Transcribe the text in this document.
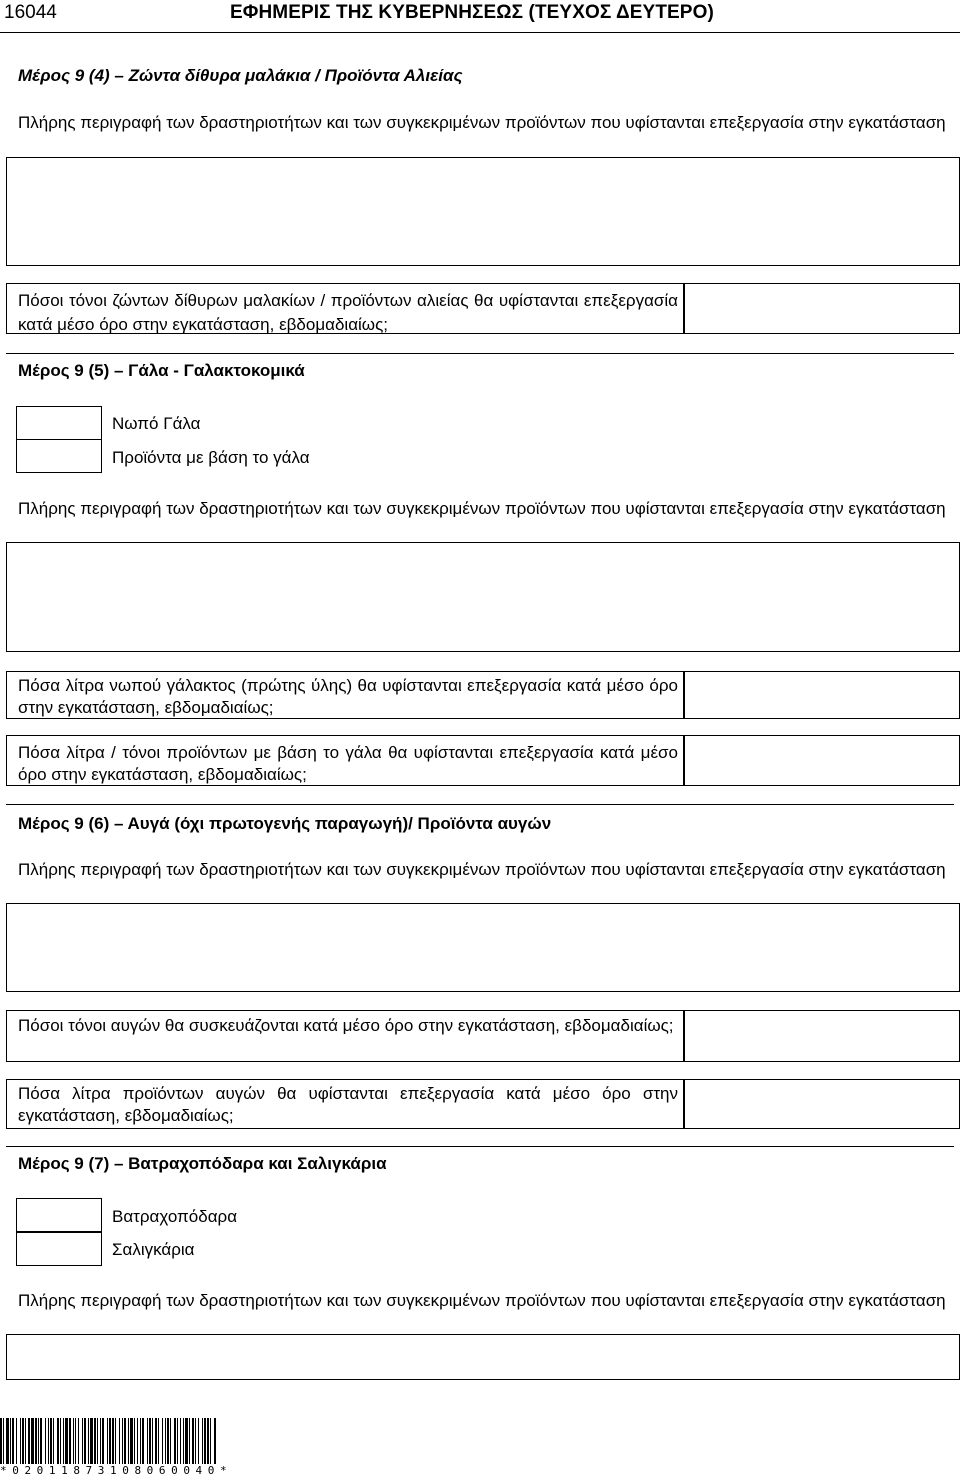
16044	ΕΦΗΜΕΡΙΣ ΤΗΣ ΚΥΒΕΡΝΗΣΕΩΣ (ΤΕΥΧΟΣ ΔΕΥΤΕΡΟ)
Μέρος 9 (4) – Ζώντα δίθυρα μαλάκια / Προϊόντα Αλιείας
Πλήρης περιγραφή των δραστηριοτήτων και των συγκεκριμένων προϊόντων που υφίστανται επεξεργασία στην εγκατάσταση
Πόσοι τόνοι ζώντων δίθυρων μαλακίων / προϊόντων αλιείας θα υφίστανται επεξεργασία κατά μέσο όρο στην εγκατάσταση, εβδομαδιαίως;
Μέρος 9 (5) – Γάλα - Γαλακτοκομικά
Νωπό Γάλα
Προϊόντα με βάση το γάλα
Πλήρης περιγραφή των δραστηριοτήτων και των συγκεκριμένων προϊόντων που υφίστανται επεξεργασία στην εγκατάσταση
Πόσα λίτρα νωπού γάλακτος (πρώτης ύλης) θα υφίστανται επεξεργασία κατά μέσο όρο στην εγκατάσταση, εβδομαδιαίως;
Πόσα λίτρα / τόνοι προϊόντων με βάση το γάλα θα υφίστανται επεξεργασία κατά μέσο όρο στην εγκατάσταση, εβδομαδιαίως;
Μέρος 9 (6) – Αυγά (όχι πρωτογενής παραγωγή)/ Προϊόντα αυγών
Πλήρης περιγραφή των δραστηριοτήτων και των συγκεκριμένων προϊόντων που υφίστανται επεξεργασία στην εγκατάσταση
Πόσοι τόνοι αυγών θα συσκευάζονται κατά μέσο όρο στην εγκατάσταση, εβδομαδιαίως;
Πόσα λίτρα προϊόντων αυγών θα υφίστανται επεξεργασία κατά μέσο όρο στην εγκατάσταση, εβδομαδιαίως;
Μέρος 9 (7) – Βατραχοπόδαρα και Σαλιγκάρια
Βατραχοπόδαρα
Σαλιγκάρια
Πλήρης περιγραφή των δραστηριοτήτων και των συγκεκριμένων προϊόντων που υφίστανται επεξεργασία στην εγκατάσταση
*02011873108060040*
